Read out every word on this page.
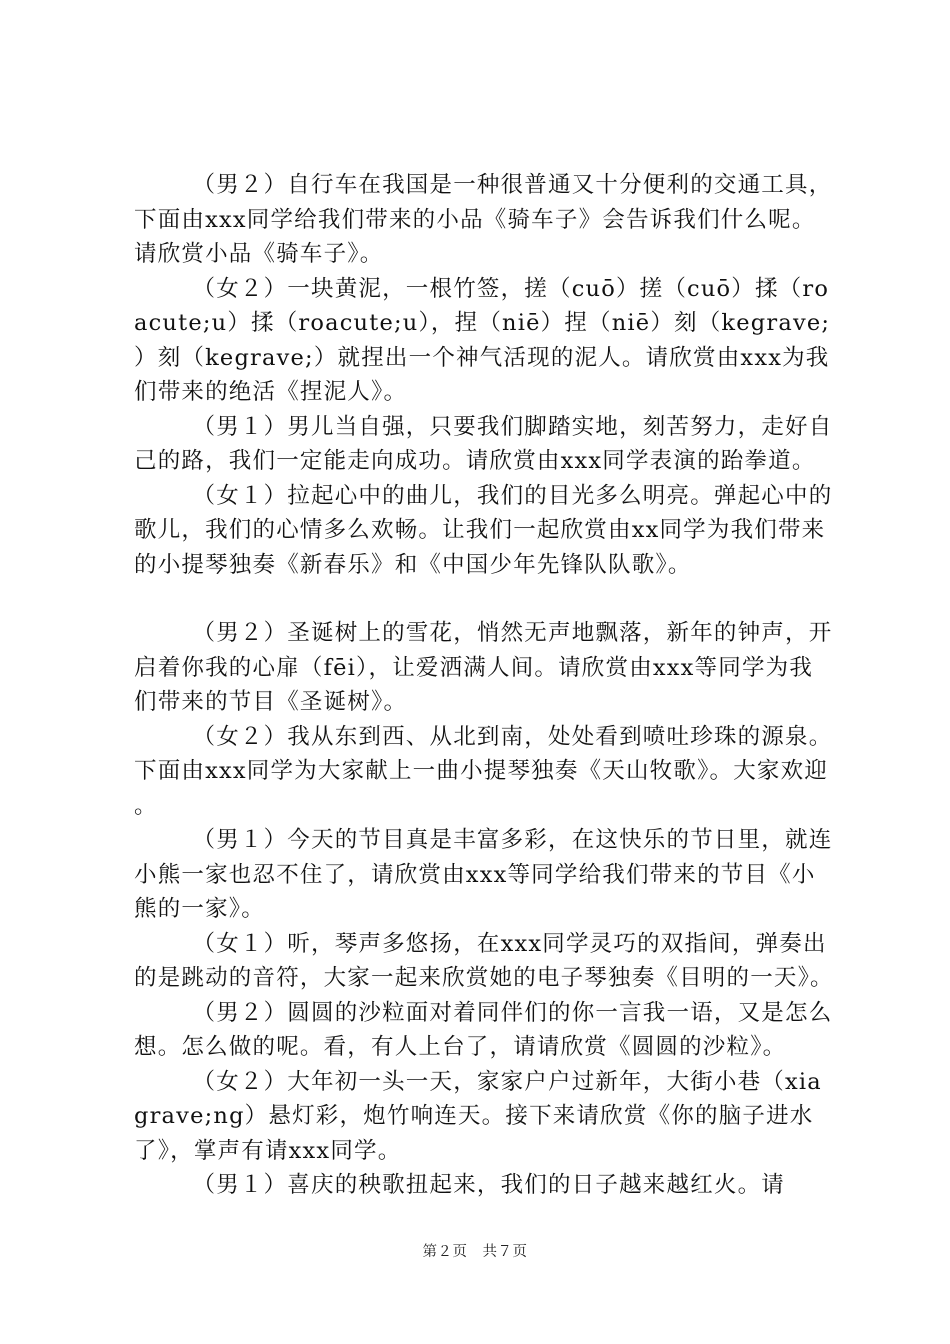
（男２）自行车在我国是一种很普通又十分便利的交通工具，下面由xxx同学给我们带来的小品《骑车子》会告诉我们什么呢。请欣赏小品《骑车子》。

（女２）一块黄泥，一根竹签，搓（cuō）搓（cuō）揉（roacute;u）揉（roacute;u），捏（niē）捏（niē）刻（kegrave;）刻（kegrave;）就捏出一个神气活现的泥人。请欣赏由xxx为我们带来的绝活《捏泥人》。

（男１）男儿当自强，只要我们脚踏实地，刻苦努力，走好自己的路，我们一定能走向成功。请欣赏由xxx同学表演的跆拳道。

（女１）拉起心中的曲儿，我们的目光多么明亮。弹起心中的歌儿，我们的心情多么欢畅。让我们一起欣赏由xx同学为我们带来的小提琴独奏《新春乐》和《中国少年先锋队队歌》。

（男２）圣诞树上的雪花，悄然无声地飘落，新年的钟声，开启着你我的心扉（fēi），让爱洒满人间。请欣赏由xxx等同学为我们带来的节目《圣诞树》。

（女２）我从东到西、从北到南，处处看到喷吐珍珠的源泉。下面由xxx同学为大家献上一曲小提琴独奏《天山牧歌》。大家欢迎。

（男１）今天的节目真是丰富多彩，在这快乐的节日里，就连小熊一家也忍不住了，请欣赏由xxx等同学给我们带来的节目《小熊的一家》。

（女１）听，琴声多悠扬，在xxx同学灵巧的双指间，弹奏出的是跳动的音符，大家一起来欣赏她的电子琴独奏《目明的一天》。

（男２）圆圆的沙粒面对着同伴们的你一言我一语，又是怎么想。怎么做的呢。看，有人上台了，请请欣赏《圆圆的沙粒》。

（女２）大年初一头一天，家家户户过新年，大街小巷（xiagrave;ng）悬灯彩，炮竹响连天。接下来请欣赏《你的脑子进水了》，掌声有请xxx同学。

（男１）喜庆的秧歌扭起来，我们的日子越来越红火。请

第２页　共７页
